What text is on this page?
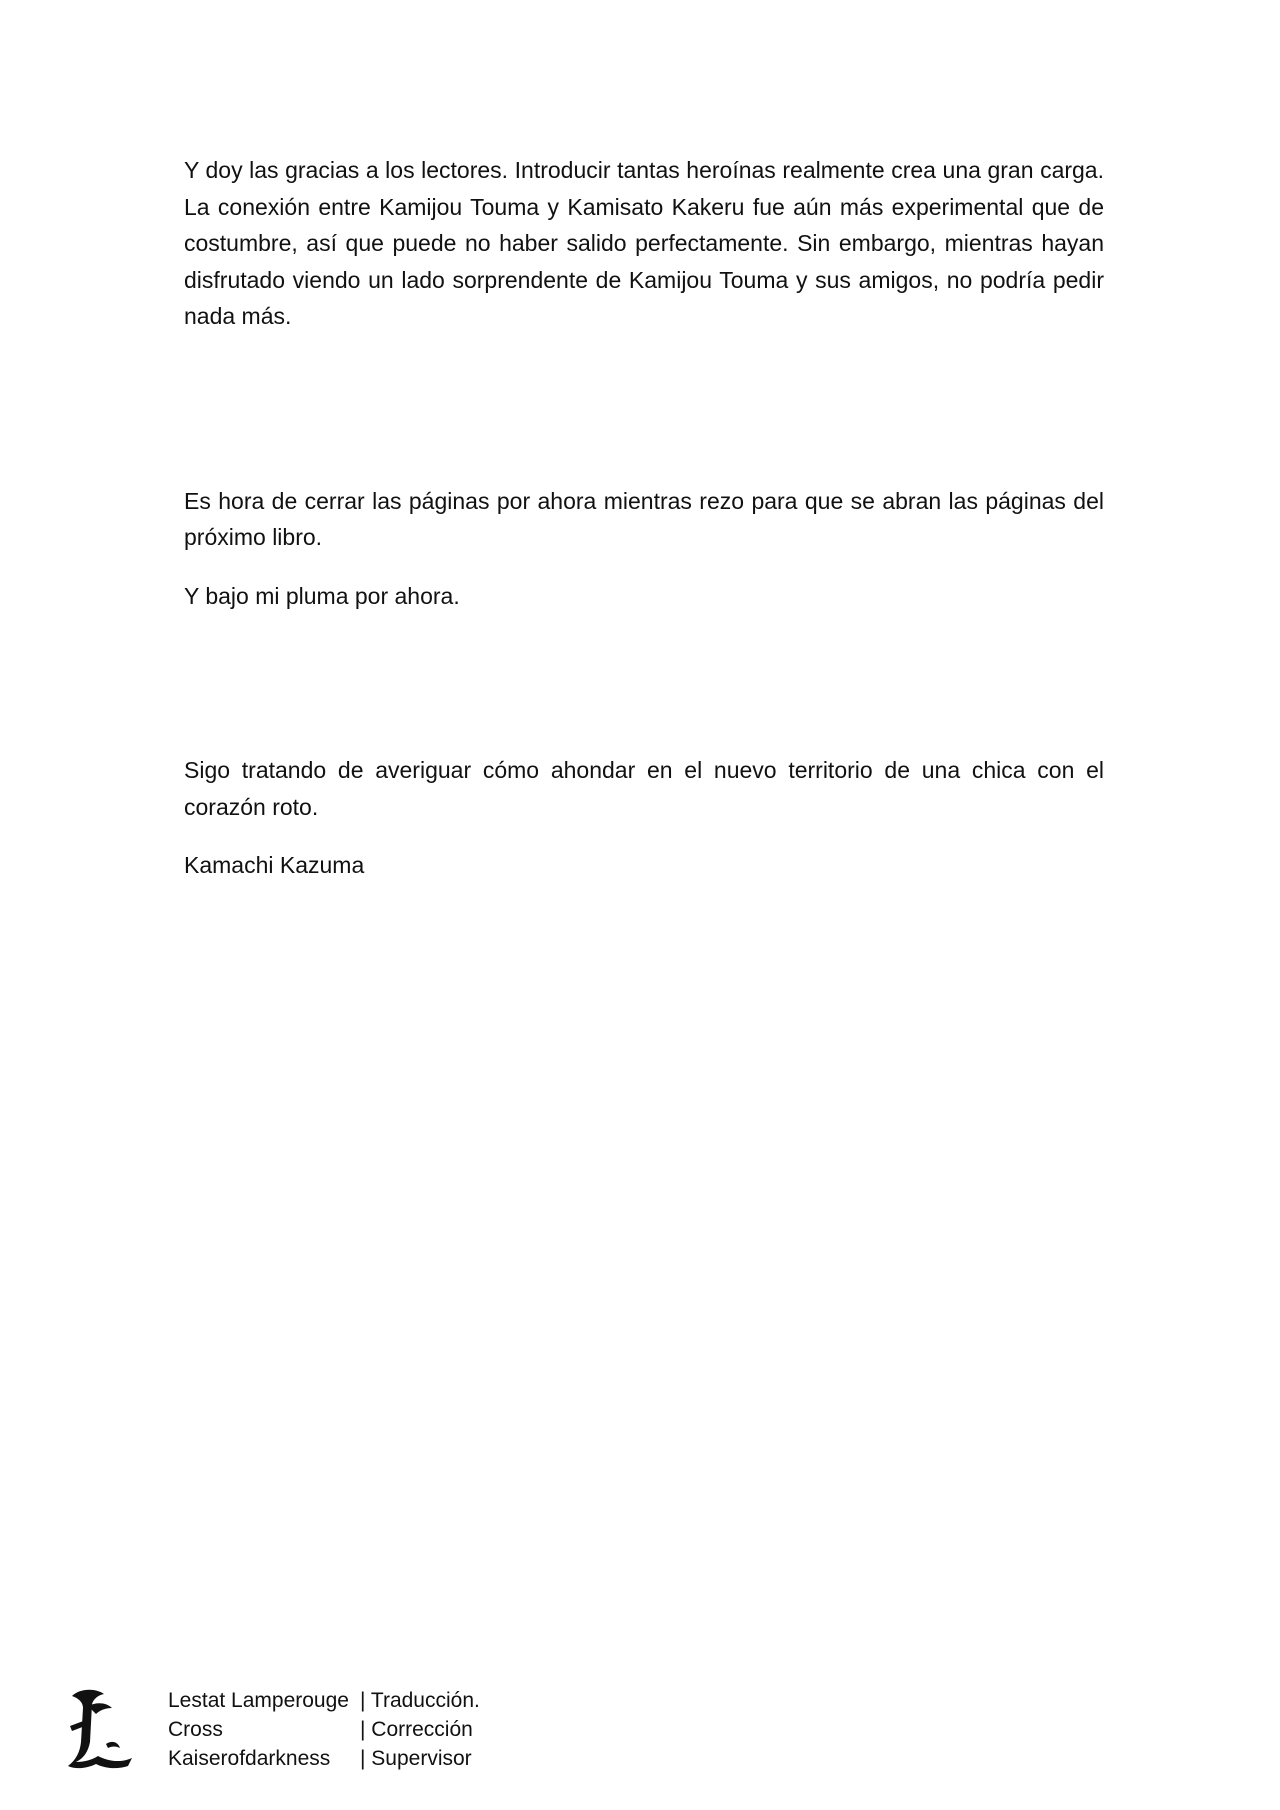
Y doy las gracias a los lectores. Introducir tantas heroínas realmente crea una gran carga. La conexión entre Kamijou Touma y Kamisato Kakeru fue aún más experimental que de costumbre, así que puede no haber salido perfectamente. Sin embargo, mientras hayan disfrutado viendo un lado sorprendente de Kamijou Touma y sus amigos, no podría pedir nada más.

Es hora de cerrar las páginas por ahora mientras rezo para que se abran las páginas del próximo libro.

Y bajo mi pluma por ahora.

Sigo tratando de averiguar cómo ahondar en el nuevo territorio de una chica con el corazón roto.

Kamachi Kazuma

Lestat Lamperouge | Traducción.
Cross	| Corrección
Kaiserofdarkness	| Supervisor
